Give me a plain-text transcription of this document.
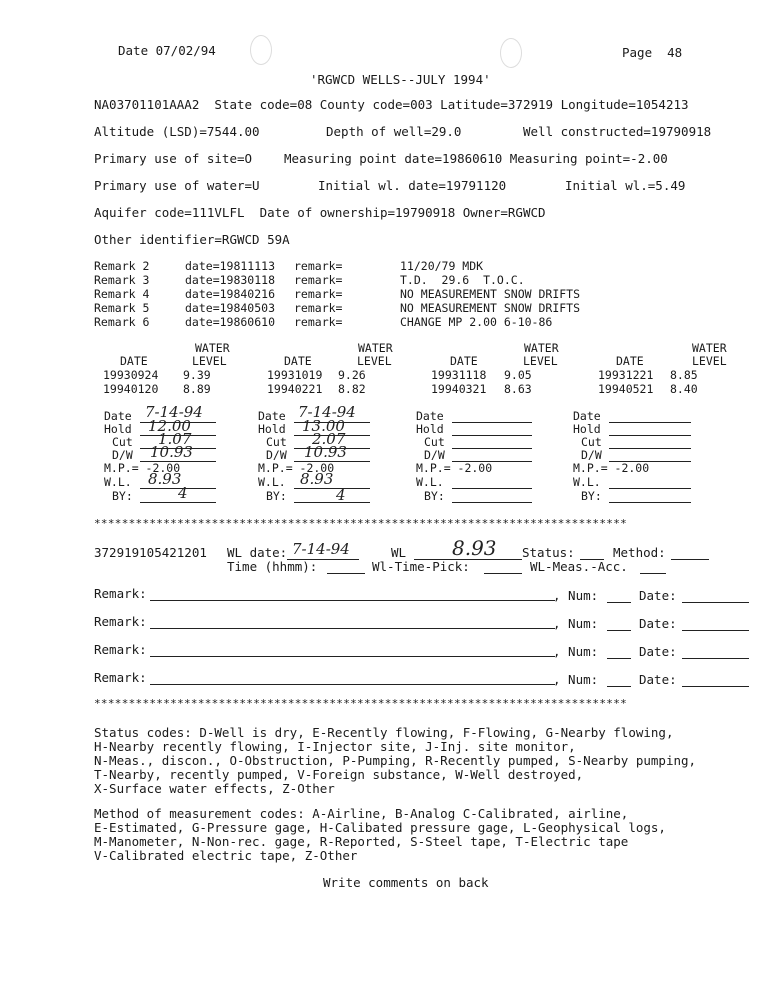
Date 07/02/94	Page  48
'RGWCD WELLS--JULY 1994'
NA03701101AAA2  State code=08 County code=003 Latitude=372919 Longitude=1054213
Altitude (LSD)=7544.00	Depth of well=29.0	Well constructed=19790918
Primary use of site=O	Measuring point date=19860610 Measuring point=-2.00
Primary use of water=U	Initial wl. date=19791120	Initial wl.=5.49
Aquifer code=111VLFL  Date of ownership=19790918 Owner=RGWCD
Other identifier=RGWCD 59A
Remark 2	date=19811113 remark=	11/20/79 MDK
Remark 3	date=19830118 remark=	T.D.  29.6  T.O.C.
Remark 4	date=19840216 remark=	NO MEASUREMENT SNOW DRIFTS
Remark 5	date=19840503 remark=	NO MEASUREMENT SNOW DRIFTS
Remark 6	date=19860610 remark=	CHANGE MP 2.00 6-10-86
WATER
DATE	LEVEL
19930924 9.39
19940120 8.89
WATER
DATE	LEVEL
19931019 9.26
19940221 8.82
WATER
DATE	LEVEL
19931118 9.05
19940321 8.63
WATER
DATE	LEVEL
19931221 8.85
19940521 8.40
Date 7-14-94
Hold 12.00
Cut 1.07
D/W 10.93
M.P.= -2.00
W.L. 8.93
BY:	4
Date 7-14-94
Hold 13.00
Cut 2.07
D/W 10.93
M.P.= -2.00
W.L. 8.93
BY:	4
Date
Hold
Cut
D/W
M.P.= -2.00
W.L.
BY:
Date
Hold
Cut
D/W
M.P.= -2.00
W.L.
BY:
*****************************************************************************
372919105421201 WL date: 7-14-94	WL 8.93 Status:	Method:
Time (hhmm):	Wl-Time-Pick:	WL-Meas.-Acc.
Remark:	, Num:	Date:
Remark:	, Num:	Date:
Remark:	, Num:	Date:
Remark:	, Num:	Date:
*****************************************************************************
Status codes: D-Well is dry, E-Recently flowing, F-Flowing, G-Nearby flowing,
H-Nearby recently flowing, I-Injector site, J-Inj. site monitor,
N-Meas., discon., O-Obstruction, P-Pumping, R-Recently pumped, S-Nearby pumping,
T-Nearby, recently pumped, V-Foreign substance, W-Well destroyed,
X-Surface water effects, Z-Other
Method of measurement codes: A-Airline, B-Analog C-Calibrated, airline,
E-Estimated, G-Pressure gage, H-Calibated pressure gage, L-Geophysical logs,
M-Manometer, N-Non-rec. gage, R-Reported, S-Steel tape, T-Electric tape
V-Calibrated electric tape, Z-Other
Write comments on back
